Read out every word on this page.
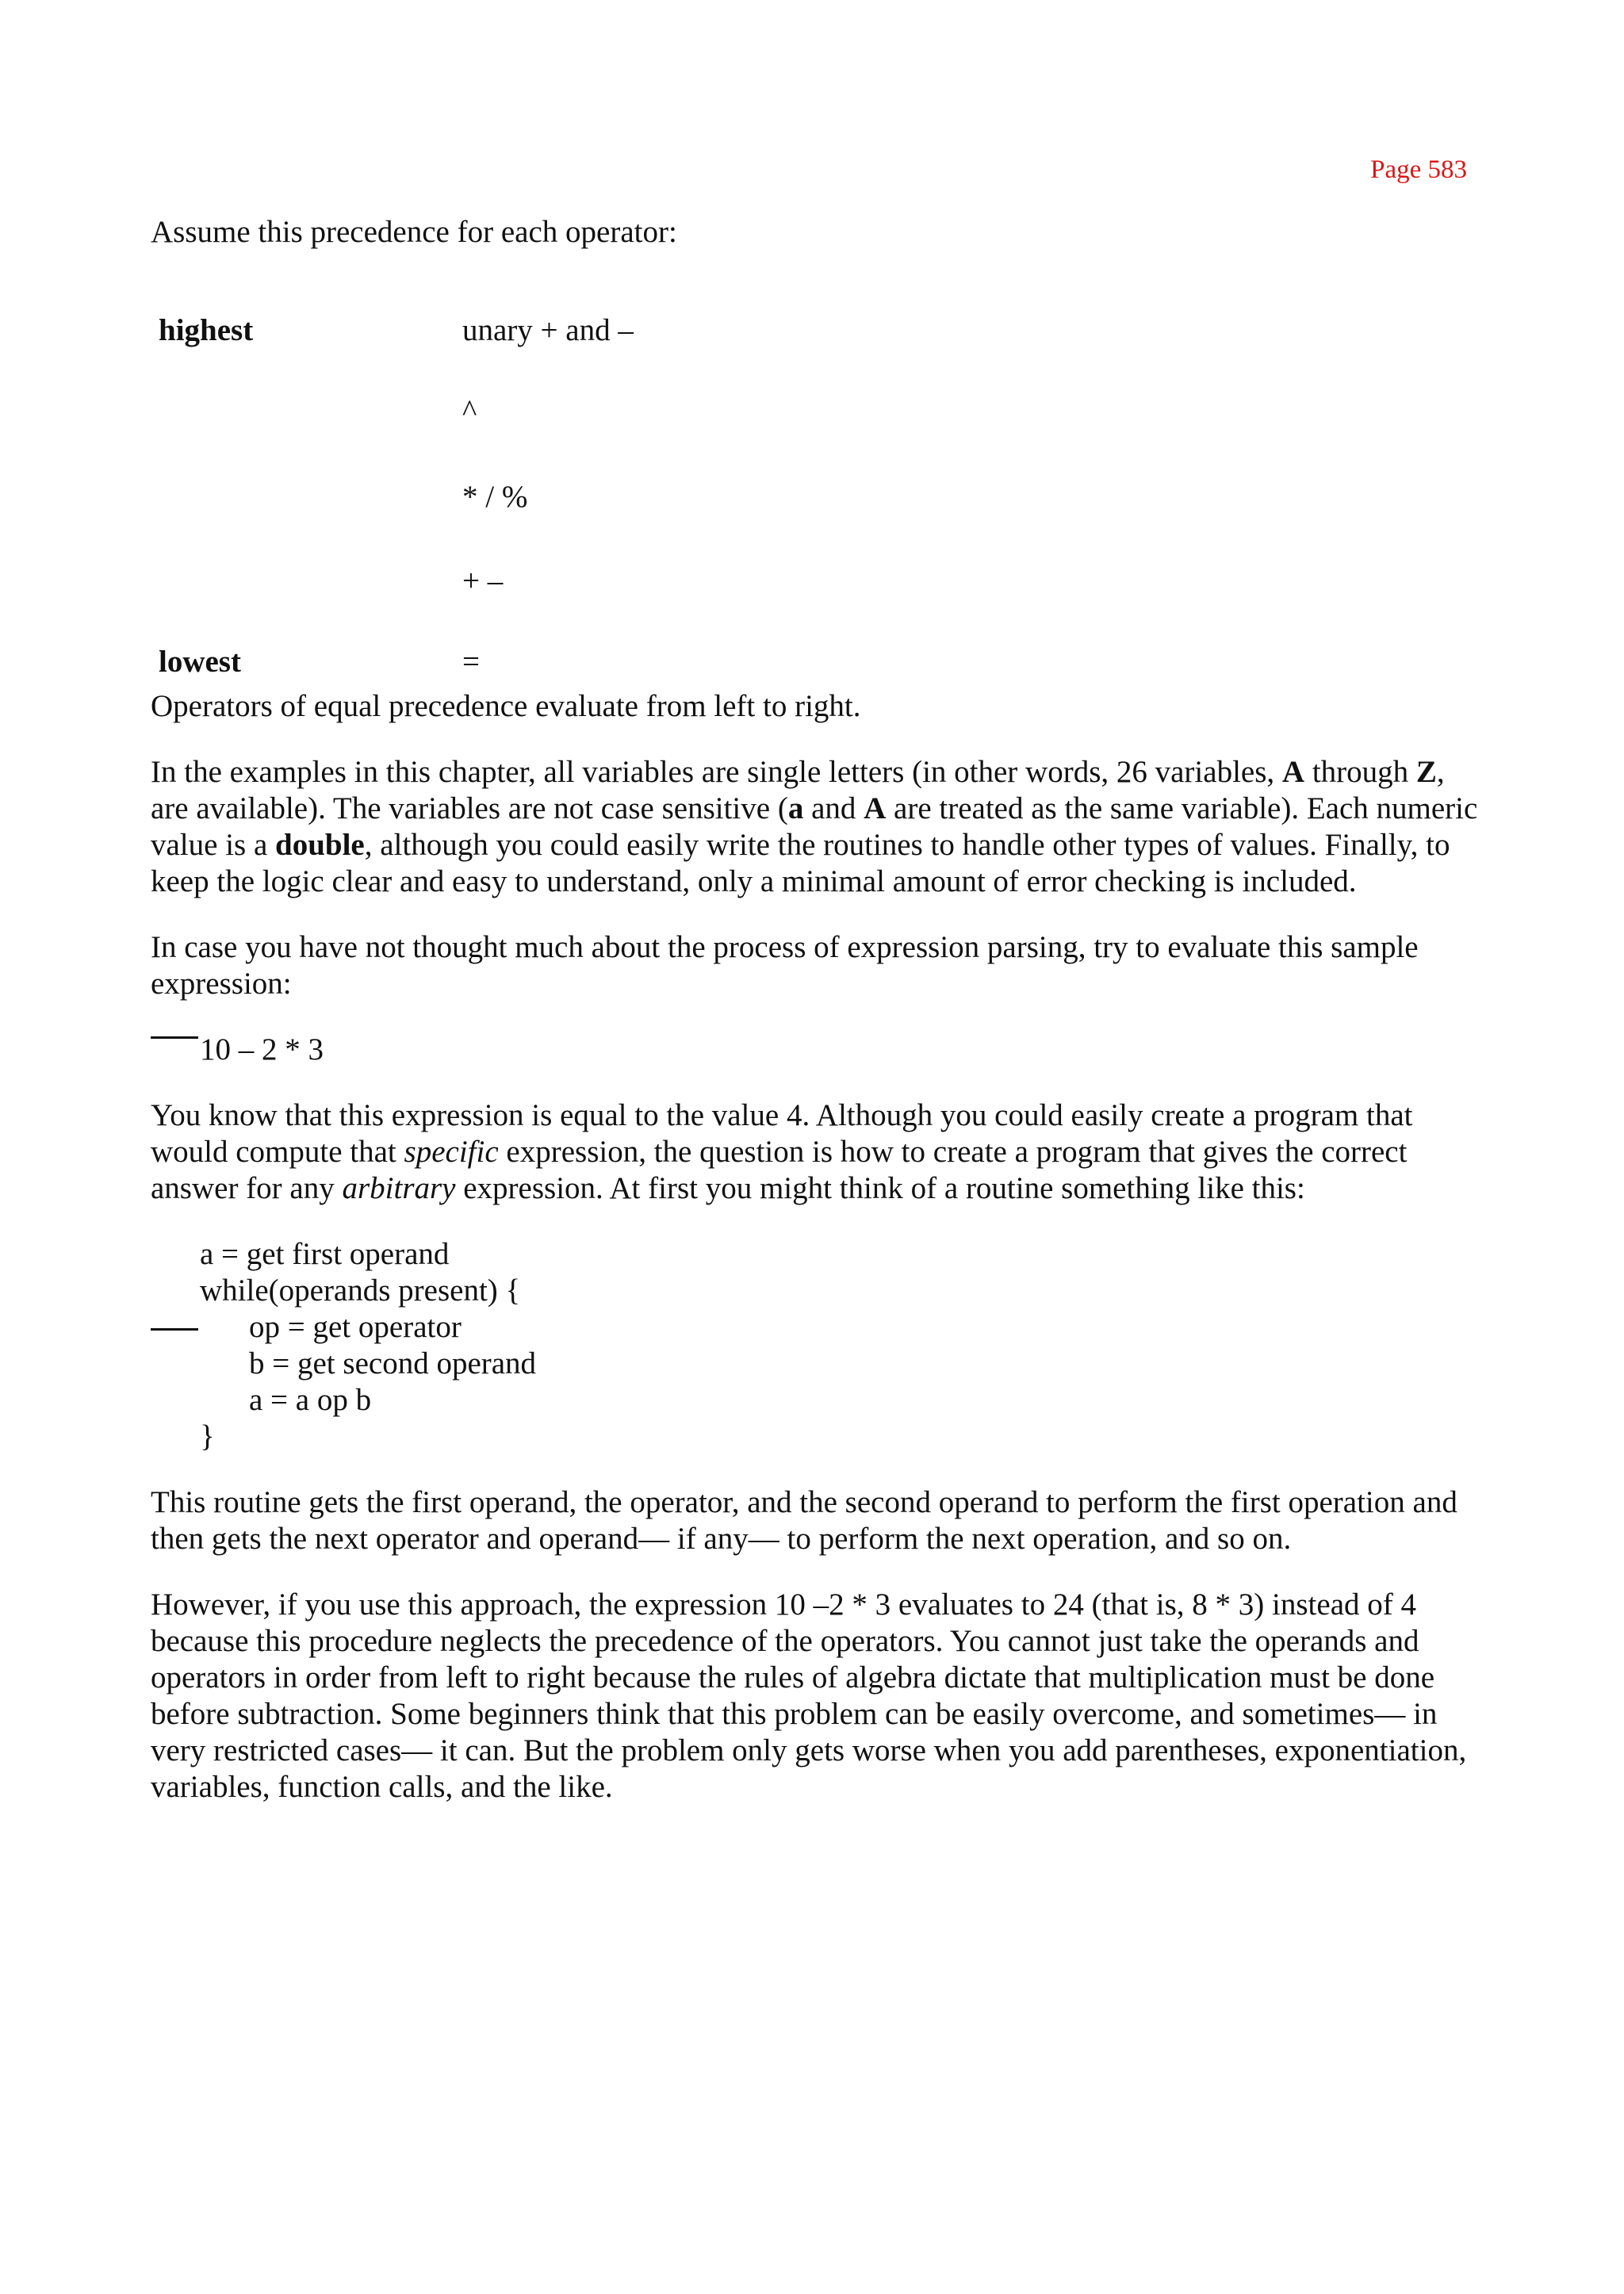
Page 583

Assume this precedence for each operator:

highest	unary + and –
^
* / %
+ –
lowest	=

Operators of equal precedence evaluate from left to right.

In the examples in this chapter, all variables are single letters (in other words, 26 variables, A through Z, are available). The variables are not case sensitive (a and A are treated as the same variable). Each numeric value is a double, although you could easily write the routines to handle other types of values. Finally, to keep the logic clear and easy to understand, only a minimal amount of error checking is included.

In case you have not thought much about the process of expression parsing, try to evaluate this sample expression:

10 – 2 * 3

You know that this expression is equal to the value 4. Although you could easily create a program that would compute that specific expression, the question is how to create a program that gives the correct answer for any arbitrary expression. At first you might think of a routine something like this:

a = get first operand
while(operands present) {
op = get operator
b = get second operand
a = a op b
}

This routine gets the first operand, the operator, and the second operand to perform the first operation and then gets the next operator and operand— if any— to perform the next operation, and so on.

However, if you use this approach, the expression 10 –2 * 3 evaluates to 24 (that is, 8 * 3) instead of 4 because this procedure neglects the precedence of the operators. You cannot just take the operands and operators in order from left to right because the rules of algebra dictate that multiplication must be done before subtraction. Some beginners think that this problem can be easily overcome, and sometimes— in very restricted cases— it can. But the problem only gets worse when you add parentheses, exponentiation, variables, function calls, and the like.
